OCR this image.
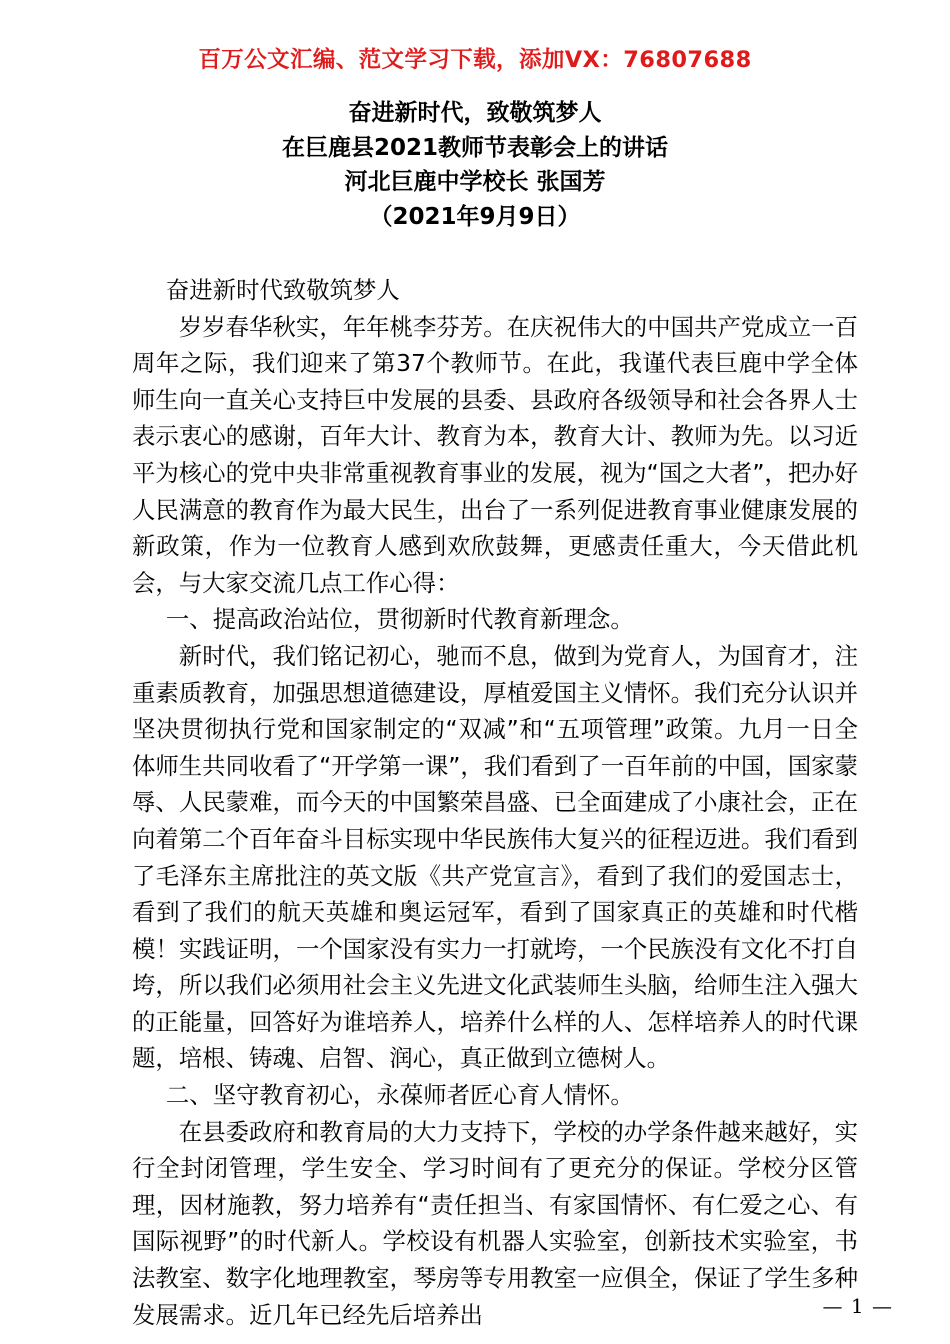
百万公文汇编、范文学习下载，添加VX：76807688
奋进新时代，致敬筑梦人
在巨鹿县2021教师节表彰会上的讲话
河北巨鹿中学校长 张国芳
（2021年9月9日）

奋进新时代致敬筑梦人

岁岁春华秋实，年年桃李芬芳。在庆祝伟大的中国共产党成立一百周年之际，我们迎来了第37个教师节。在此，我谨代表巨鹿中学全体师生向一直关心支持巨中发展的县委、县政府各级领导和社会各界人士表示衷心的感谢，百年大计、教育为本，教育大计、教师为先。以习近平为核心的党中央非常重视教育事业的发展，视为“国之大者”，把办好人民满意的教育作为最大民生，出台了一系列促进教育事业健康发展的新政策，作为一位教育人感到欢欣鼓舞，更感责任重大，今天借此机会，与大家交流几点工作心得：

一、提高政治站位，贯彻新时代教育新理念。

新时代，我们铭记初心，驰而不息，做到为党育人，为国育才，注重素质教育，加强思想道德建设，厚植爱国主义情怀。我们充分认识并坚决贯彻执行党和国家制定的“双减”和“五项管理”政策。九月一日全体师生共同收看了“开学第一课”，我们看到了一百年前的中国，国家蒙辱、人民蒙难，而今天的中国繁荣昌盛、已全面建成了小康社会，正在向着第二个百年奋斗目标实现中华民族伟大复兴的征程迈进。我们看到了毛泽东主席批注的英文版《共产党宣言》，看到了我们的爱国志士，看到了我们的航天英雄和奥运冠军，看到了国家真正的英雄和时代楷模！实践证明，一个国家没有实力一打就垮，一个民族没有文化不打自垮，所以我们必须用社会主义先进文化武装师生头脑，给师生注入强大的正能量，回答好为谁培养人，培养什么样的人、怎样培养人的时代课题，培根、铸魂、启智、润心，真正做到立德树人。

二、坚守教育初心，永葆师者匠心育人情怀。

在县委政府和教育局的大力支持下，学校的办学条件越来越好，实行全封闭管理，学生安全、学习时间有了更充分的保证。学校分区管理，因材施教，努力培养有“责任担当、有家国情怀、有仁爱之心、有国际视野”的时代新人。学校设有机器人实验室，创新技术实验室，书法教室、数字化地理教室，琴房等专用教室一应俱全，保证了学生多种发展需求。近几年已经先后培养出	— 1 —
